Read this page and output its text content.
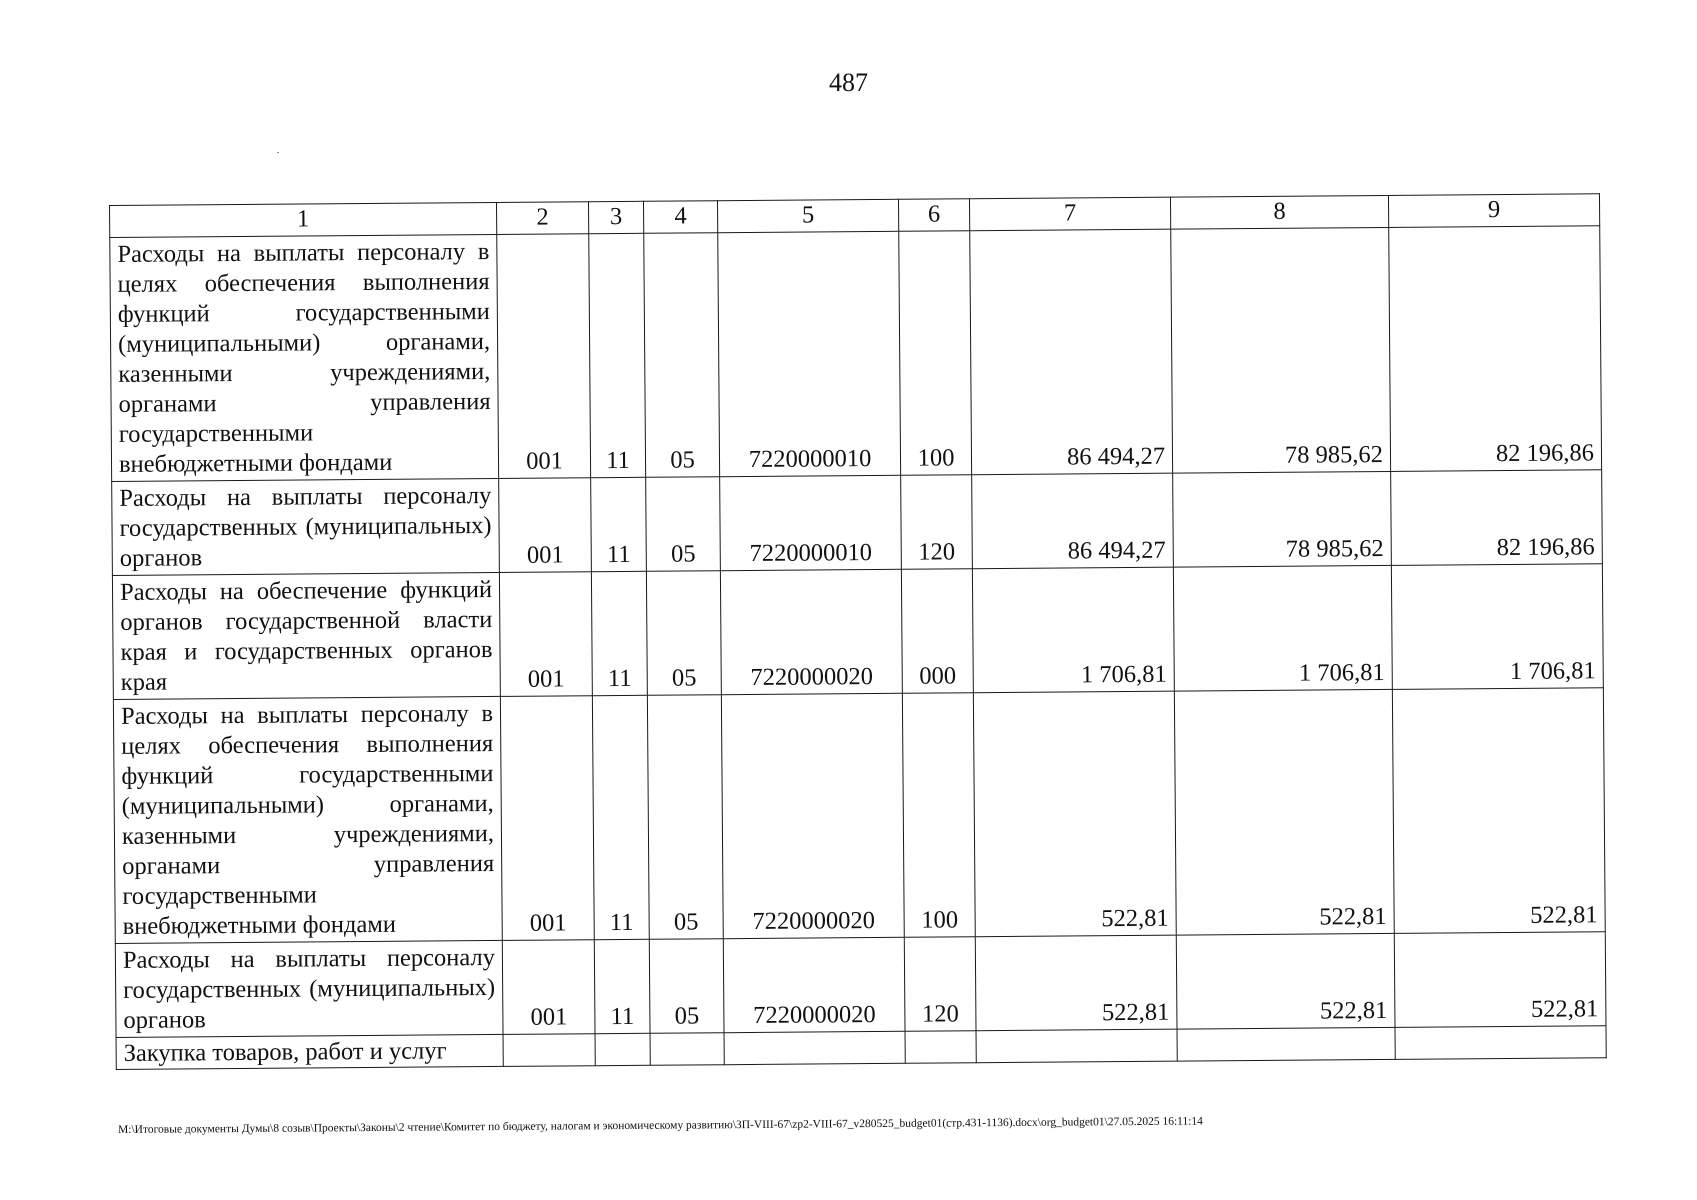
487
1	2	3	4	5	6	7	8	9
Расходы на выплаты персоналу в целях обеспечения выполнения функций государственными (муниципальными) органами, казенными учреждениями, органами управления государственными внебюджетными фондами	001	11	05	7220000010	100	86 494,27	78 985,62	82 196,86
Расходы на выплаты персоналу государственных (муниципальных) органов	001	11	05	7220000010	120	86 494,27	78 985,62	82 196,86
Расходы на обеспечение функций органов государственной власти края и государственных органов края	001	11	05	7220000020	000	1 706,81	1 706,81	1 706,81
Расходы на выплаты персоналу в целях обеспечения выполнения функций государственными (муниципальными) органами, казенными учреждениями, органами управления государственными внебюджетными фондами	001	11	05	7220000020	100	522,81	522,81	522,81
Расходы на выплаты персоналу государственных (муниципальных) органов	001	11	05	7220000020	120	522,81	522,81	522,81
Закупка товаров, работ и услуг								
М:\Итоговые документы Думы\8 созыв\Проекты\Законы\2 чтение\Комитет по бюджету, налогам и экономическому развитию\ЗП-VIII-67\zp2-VIII-67_v280525_budget01(стр.431-1136).docx\org_budget01\27.05.2025 16:11:14
